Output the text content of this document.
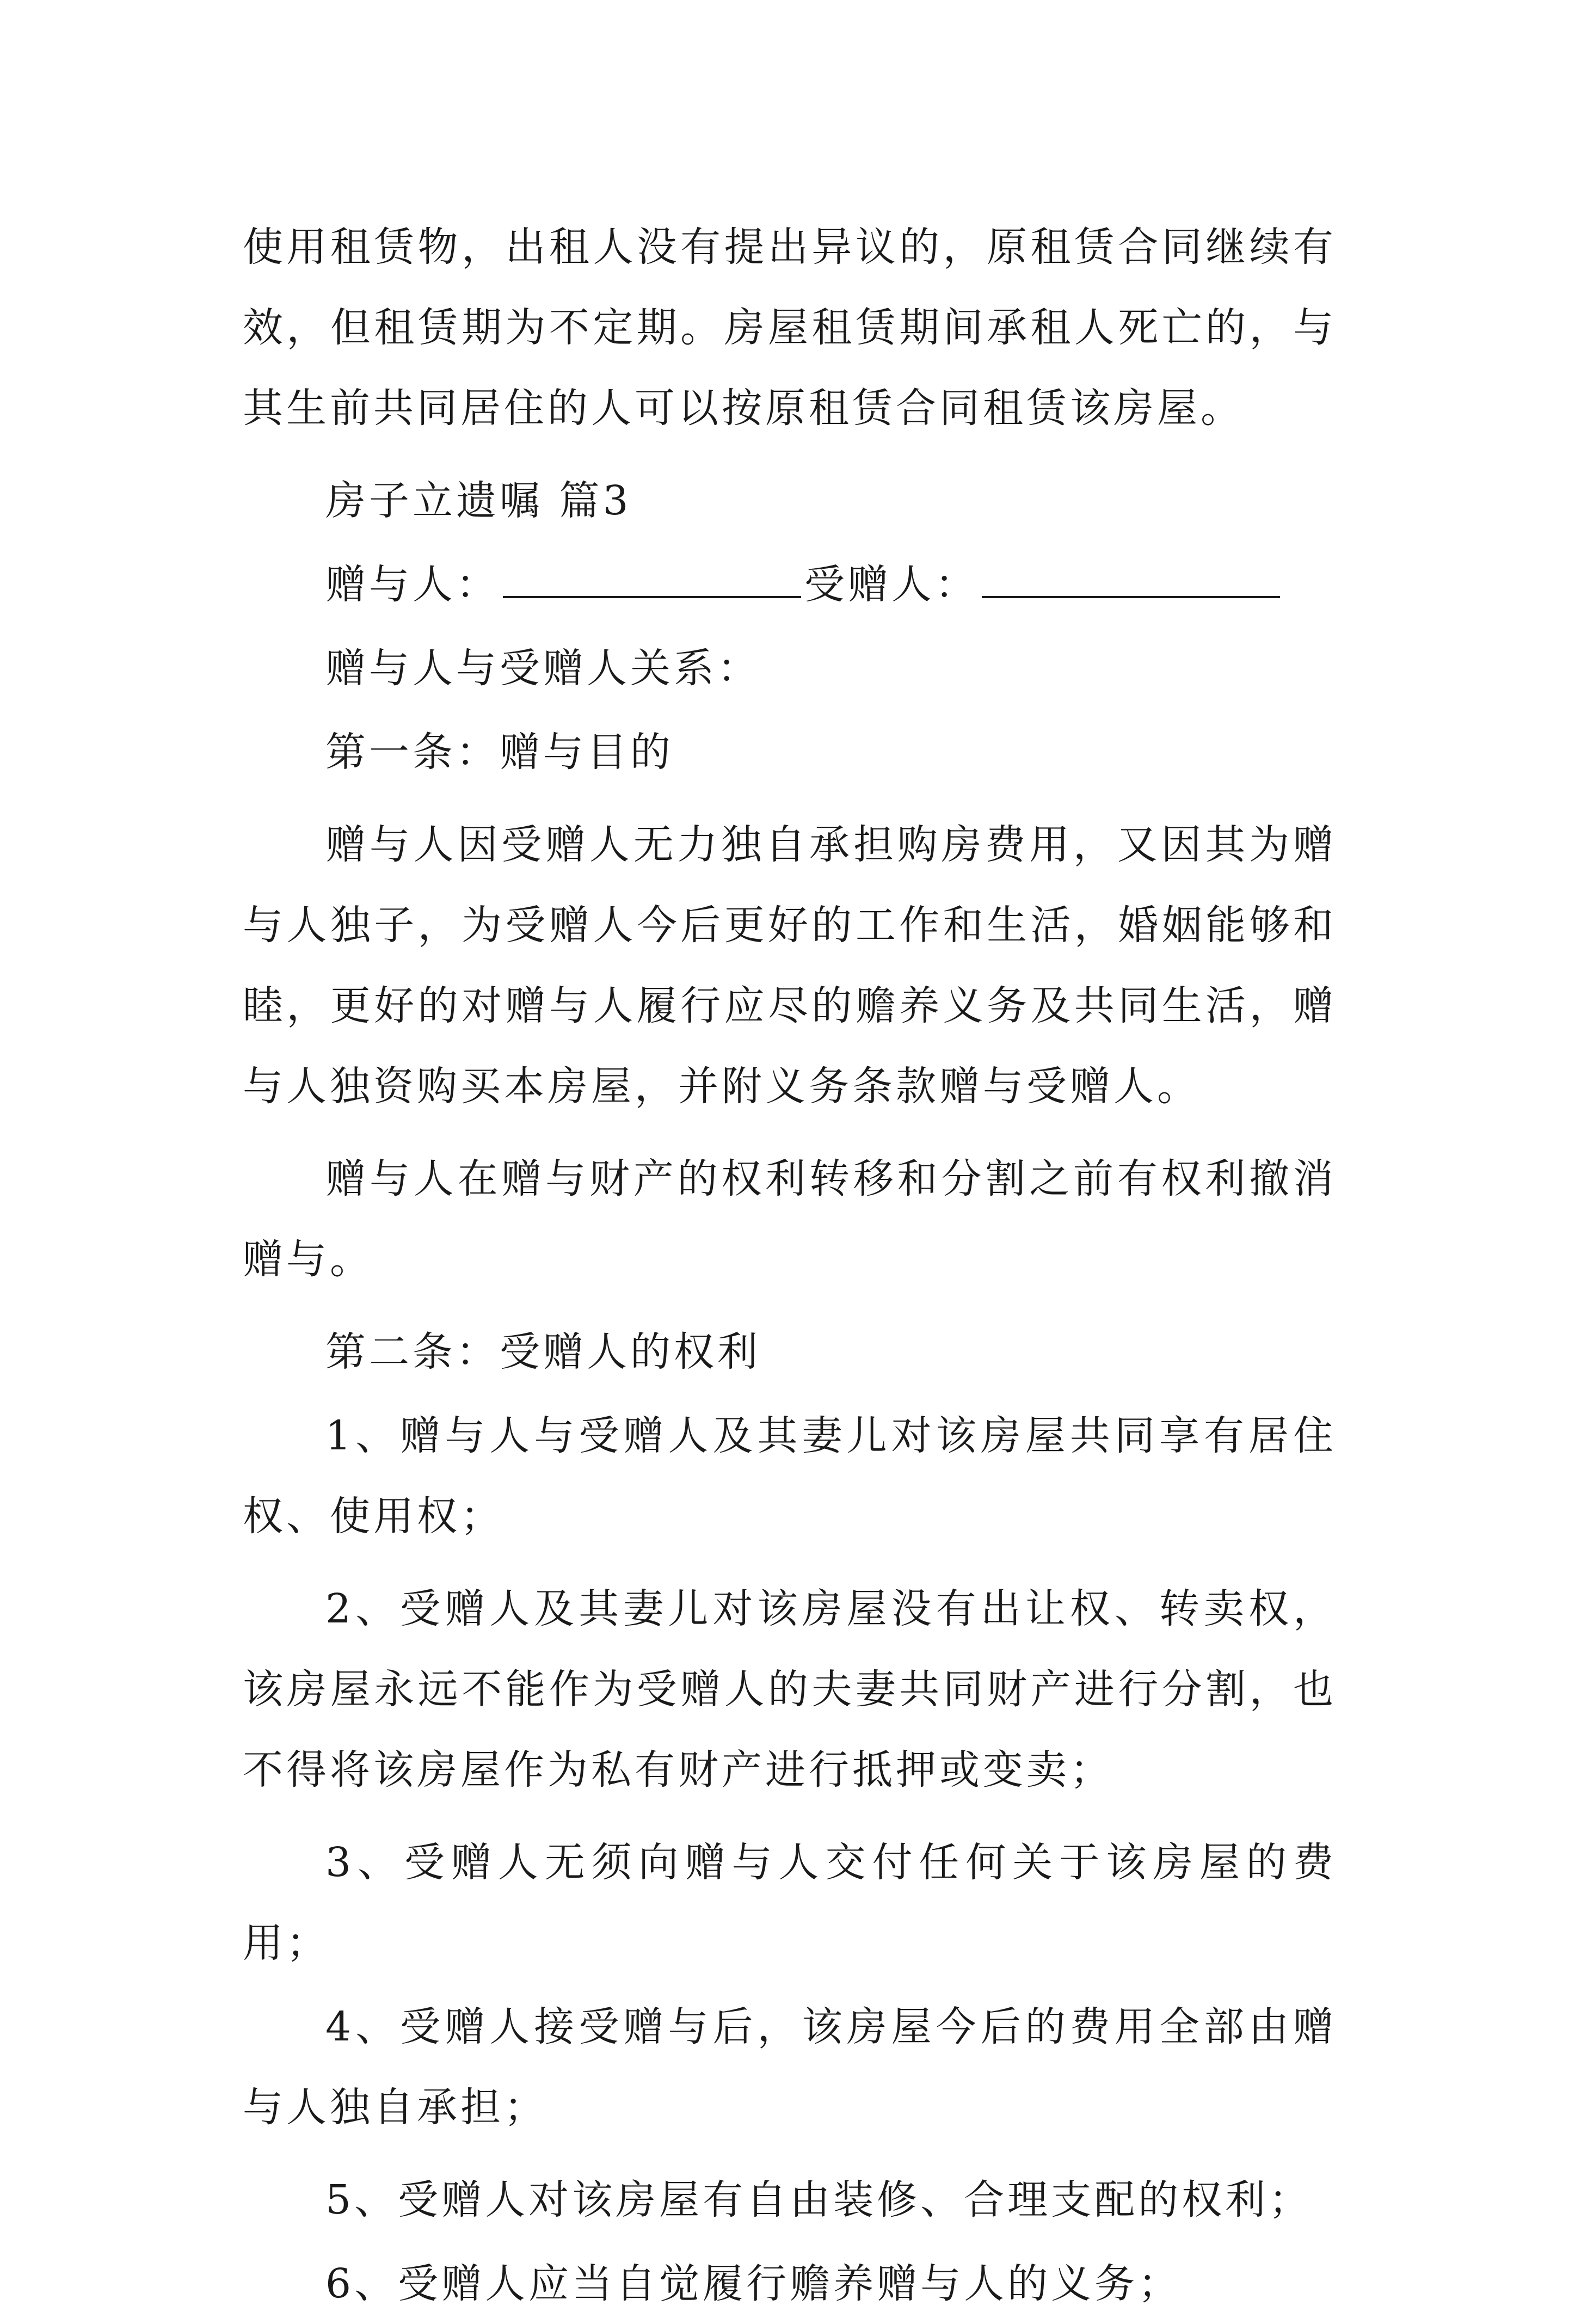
使用租赁物，出租人没有提出异议的，原租赁合同继续有效，但租赁期为不定期。房屋租赁期间承租人死亡的，与其生前共同居住的人可以按原租赁合同租赁该房屋。

房子立遗嘱 篇3

赠与人：	受赠人：

赠与人与受赠人关系：

第一条：赠与目的

赠与人因受赠人无力独自承担购房费用，又因其为赠与人独子，为受赠人今后更好的工作和生活，婚姻能够和睦，更好的对赠与人履行应尽的赡养义务及共同生活，赠与人独资购买本房屋，并附义务条款赠与受赠人。

赠与人在赠与财产的权利转移和分割之前有权利撤消赠与。

第二条：受赠人的权利

1、赠与人与受赠人及其妻儿对该房屋共同享有居住权、使用权；

2、受赠人及其妻儿对该房屋没有出让权、转卖权，该房屋永远不能作为受赠人的夫妻共同财产进行分割，也不得将该房屋作为私有财产进行抵押或变卖；

3、受赠人无须向赠与人交付任何关于该房屋的费用；

4、受赠人接受赠与后，该房屋今后的费用全部由赠与人独自承担；

5、受赠人对该房屋有自由装修、合理支配的权利；

6、受赠人应当自觉履行赡养赠与人的义务；
